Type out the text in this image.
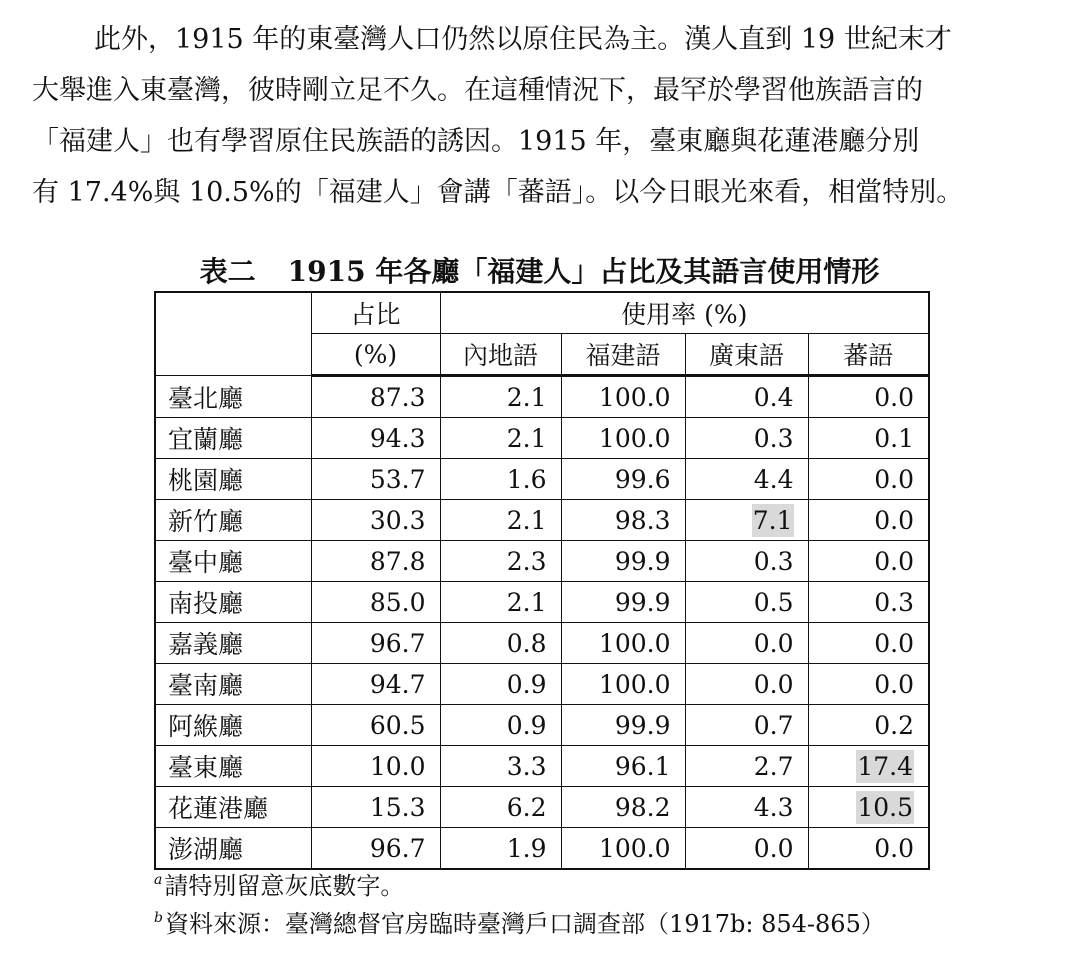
此外，1915 年的東臺灣人口仍然以原住民為主。漢人直到 19 世紀末才
大舉進入東臺灣，彼時剛立足不久。在這種情況下，最罕於學習他族語言的
「福建人」也有學習原住民族語的誘因。1915 年，臺東廳與花蓮港廳分別
有 17.4%與 10.5%的「福建人」會講「蕃語」。以今日眼光來看，相當特別。
表二 1915 年各廳「福建人」占比及其語言使用情形
	占比	使用率 (%)			
	(%)	內地語	福建語	廣東語	蕃語
臺北廳	87.3	2.1	100.0	0.4	0.0
宜蘭廳	94.3	2.1	100.0	0.3	0.1
桃園廳	53.7	1.6	99.6	4.4	0.0
新竹廳	30.3	2.1	98.3	7.1	0.0
臺中廳	87.8	2.3	99.9	0.3	0.0
南投廳	85.0	2.1	99.9	0.5	0.3
嘉義廳	96.7	0.8	100.0	0.0	0.0
臺南廳	94.7	0.9	100.0	0.0	0.0
阿緱廳	60.5	0.9	99.9	0.7	0.2
臺東廳	10.0	3.3	96.1	2.7	17.4
花蓮港廳	15.3	6.2	98.2	4.3	10.5
澎湖廳	96.7	1.9	100.0	0.0	0.0
$^a$請特別留意灰底數字。
$^b$資料來源：臺灣總督官房臨時臺灣戶口調查部（1917b: 854-865）
